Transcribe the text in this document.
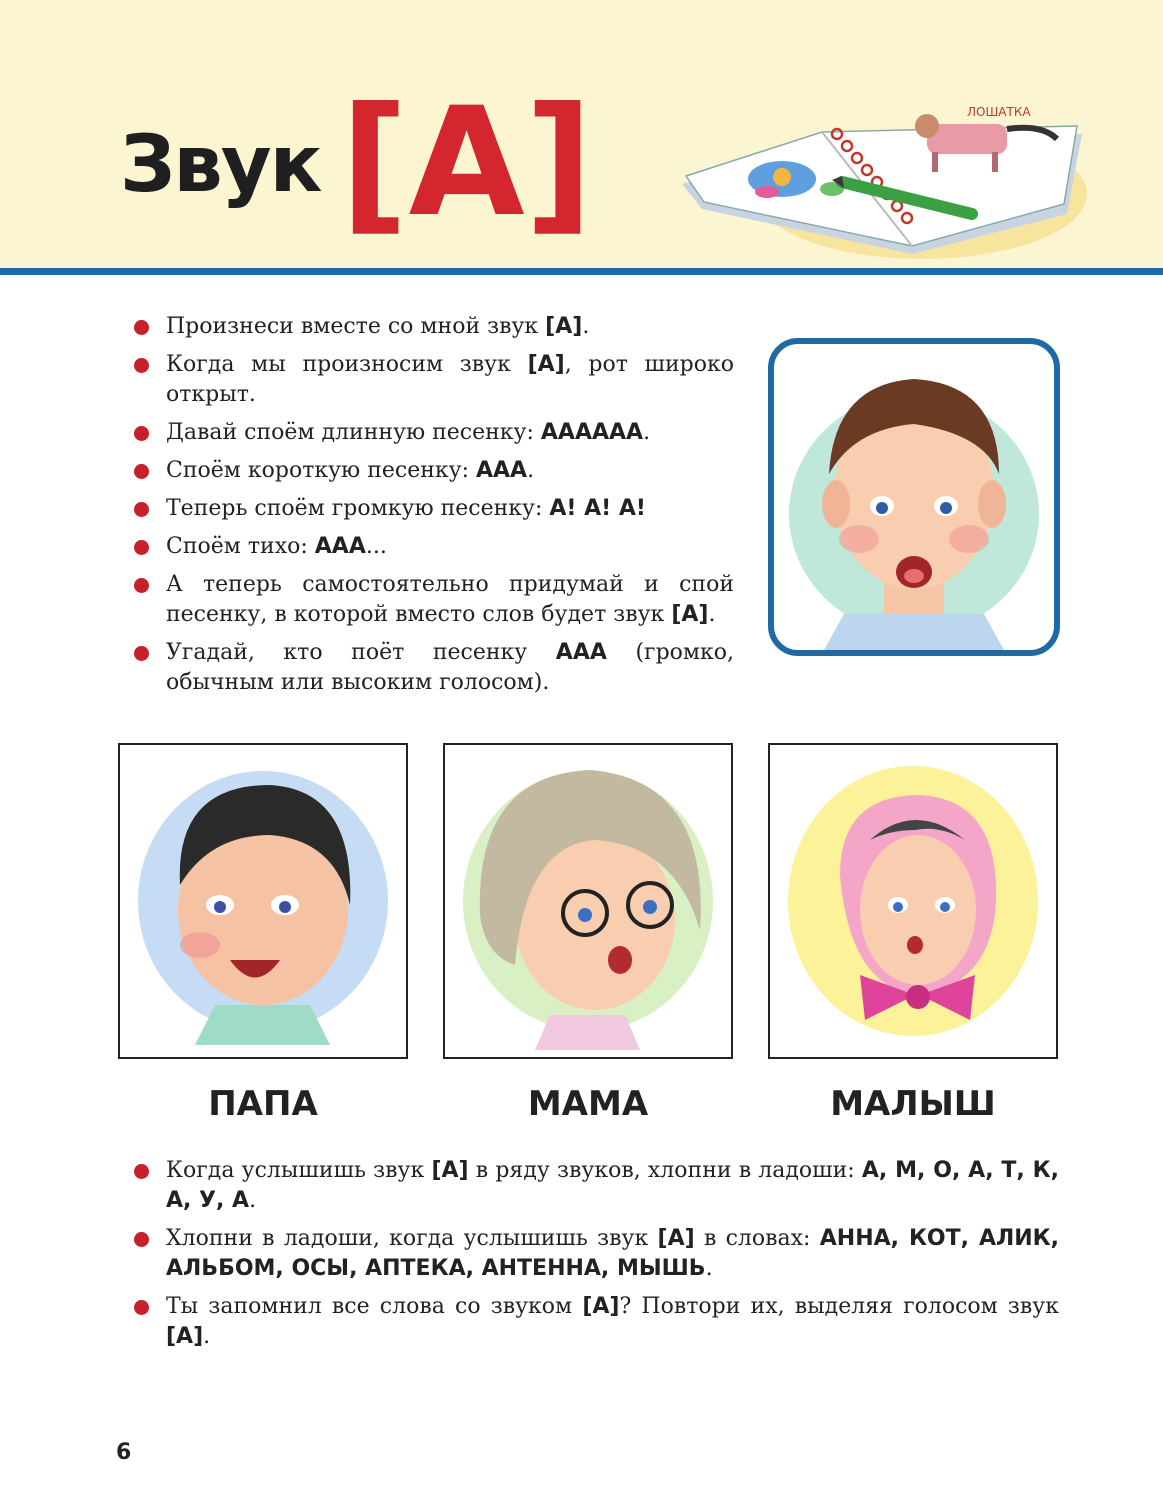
Звук [А]	ЛОШАТКА
Произнеси вместе со мной звук [А].
Когда мы произносим звук [А], рот широко открыт.
Давай споём длинную песенку: АААААА.
Споём короткую песенку: ААА.
Теперь споём громкую песенку: А! А! А!
Споём тихо: ААА...
А теперь самостоятельно придумай и спой песенку, в которой вместо слов будет звук [А].
Угадай, кто поёт песенку ААА (громко, обычным или высоким голосом).
ПАПА	МАМА	МАЛЫШ
Когда услышишь звук [А] в ряду звуков, хлопни в ладоши: А, М, О, А, Т, К, А, У, А.
Хлопни в ладоши, когда услышишь звук [А] в словах: АННА, КОТ, АЛИК, АЛЬБОМ, ОСЫ, АПТЕКА, АНТЕННА, МЫШЬ.
Ты запомнил все слова со звуком [А]? Повтори их, выделяя голосом звук [А].
6
